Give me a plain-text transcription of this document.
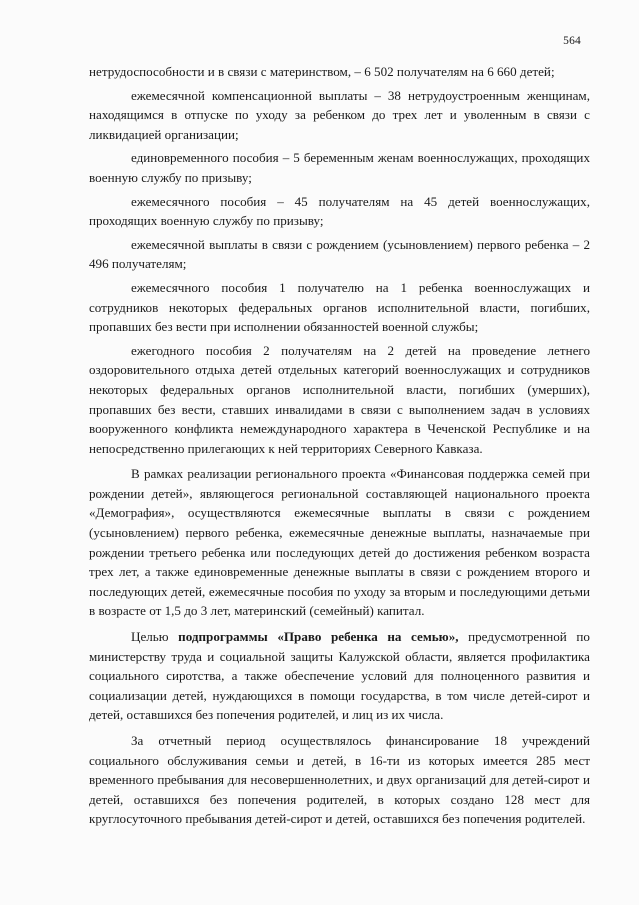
564

нетрудоспособности и в связи с материнством, – 6 502 получателям на 6 660 детей;

ежемесячной компенсационной выплаты – 38 нетрудоустроенным женщинам, находящимся в отпуске по уходу за ребенком до трех лет и уволенным в связи с ликвидацией организации;

единовременного пособия – 5 беременным женам военнослужащих, проходящих военную службу по призыву;

ежемесячного пособия – 45 получателям на 45 детей военнослужащих, проходящих военную службу по призыву;

ежемесячной выплаты в связи с рождением (усыновлением) первого ребенка – 2 496 получателям;

ежемесячного пособия 1 получателю на 1 ребенка военнослужащих и сотрудников некоторых федеральных органов исполнительной власти, погибших, пропавших без вести при исполнении обязанностей военной службы;

ежегодного пособия 2 получателям на 2 детей на проведение летнего оздоровительного отдыха детей отдельных категорий военнослужащих и сотрудников некоторых федеральных органов исполнительной власти, погибших (умерших), пропавших без вести, ставших инвалидами в связи с выполнением задач в условиях вооруженного конфликта немеждународного характера в Чеченской Республике и на непосредственно прилегающих к ней территориях Северного Кавказа.

В рамках реализации регионального проекта «Финансовая поддержка семей при рождении детей», являющегося региональной составляющей национального проекта «Демография», осуществляются ежемесячные выплаты в связи с рождением (усыновлением) первого ребенка, ежемесячные денежные выплаты, назначаемые при рождении третьего ребенка или последующих детей до достижения ребенком возраста трех лет, а также единовременные денежные выплаты в связи с рождением второго и последующих детей, ежемесячные пособия по уходу за вторым и последующими детьми в возрасте от 1,5 до 3 лет, материнский (семейный) капитал.

Целью подпрограммы «Право ребенка на семью», предусмотренной по министерству труда и социальной защиты Калужской области, является профилактика социального сиротства, а также обеспечение условий для полноценного развития и социализации детей, нуждающихся в помощи государства, в том числе детей-сирот и детей, оставшихся без попечения родителей, и лиц из их числа.

За отчетный период осуществлялось финансирование 18 учреждений социального обслуживания семьи и детей, в 16-ти из которых имеется 285 мест временного пребывания для несовершеннолетних, и двух организаций для детей-сирот и детей, оставшихся без попечения родителей, в которых создано 128 мест для круглосуточного пребывания детей-сирот и детей, оставшихся без попечения родителей.
